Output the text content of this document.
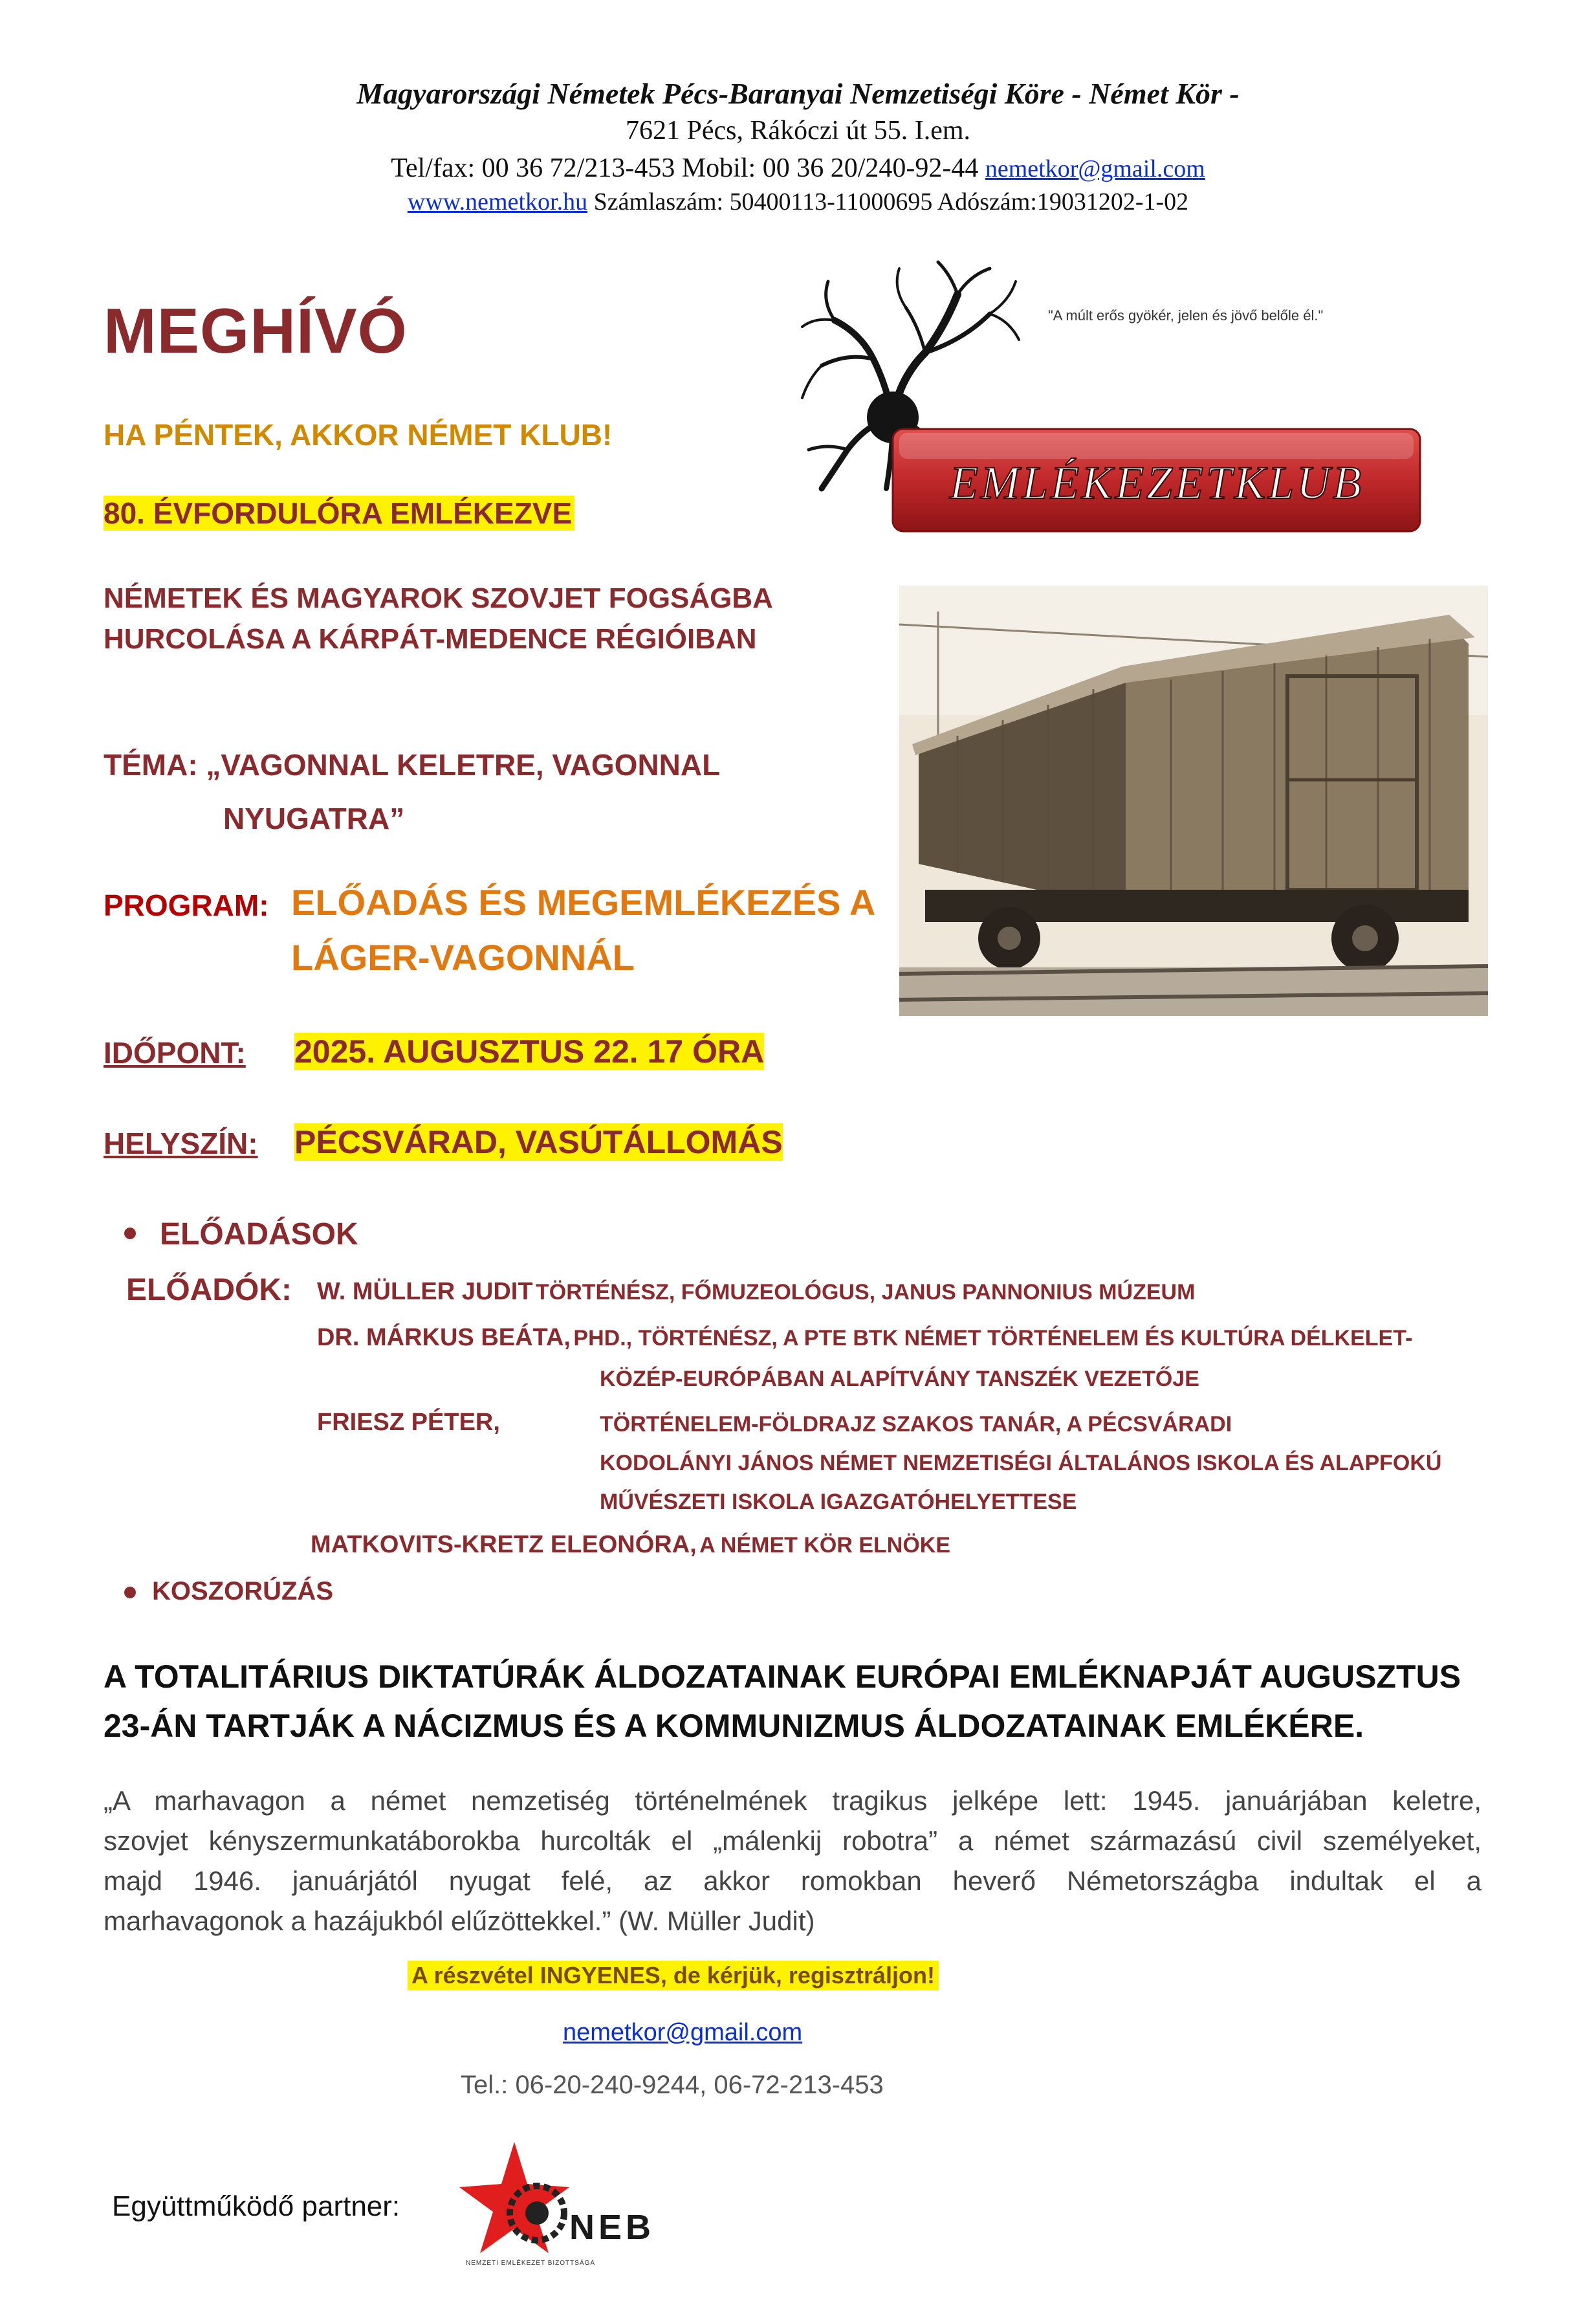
Magyarországi Németek Pécs-Baranyai Nemzetiségi Köre - Német Kör -
7621 Pécs, Rákóczi út 55. I.em.
Tel/fax: 00 36 72/213-453 Mobil: 00 36 20/240-92-44 nemetkor@gmail.com
www.nemetkor.hu Számlaszám: 50400113-11000695 Adószám:19031202-1-02
"A múlt erős gyökér, jelen és jövő belőle él."
EMLÉKEZETKLUB
MEGHÍVÓ
HA PÉNTEK, AKKOR NÉMET KLUB!
80. ÉVFORDULÓRA EMLÉKEZVE
NÉMETEK ÉS MAGYAROK SZOVJET FOGSÁGBA
HURCOLÁSA A KÁRPÁT-MEDENCE RÉGIÓIBAN
TÉMA: „VAGONNAL KELETRE, VAGONNAL
NYUGATRA”
PROGRAM: ELŐADÁS ÉS MEGEMLÉKEZÉS A
LÁGER-VAGONNÁL
IDŐPONT: 2025. AUGUSZTUS 22. 17 ÓRA
HELYSZÍN: PÉCSVÁRAD, VASÚTÁLLOMÁS
ELŐADÁSOK
ELŐADÓK: W. MÜLLER JUDIT TÖRTÉNÉSZ, FŐMUZEOLÓGUS, JANUS PANNONIUS MÚZEUM
DR. MÁRKUS BEÁTA, PHD., TÖRTÉNÉSZ, A PTE BTK NÉMET TÖRTÉNELEM ÉS KULTÚRA DÉLKELET-
KÖZÉP-EURÓPÁBAN ALAPÍTVÁNY TANSZÉK VEZETŐJE
FRIESZ PÉTER,	TÖRTÉNELEM-FÖLDRAJZ SZAKOS TANÁR, A PÉCSVÁRADI
KODOLÁNYI JÁNOS NÉMET NEMZETISÉGI ÁLTALÁNOS ISKOLA ÉS ALAPFOKÚ
MŰVÉSZETI ISKOLA IGAZGATÓHELYETTESE
MATKOVITS-KRETZ ELEONÓRA, A NÉMET KÖR ELNÖKE
KOSZORÚZÁS
A TOTALITÁRIUS DIKTATÚRÁK ÁLDOZATAINAK EURÓPAI EMLÉKNAPJÁT AUGUSZTUS
23-ÁN TARTJÁK A NÁCIZMUS ÉS A KOMMUNIZMUS ÁLDOZATAINAK EMLÉKÉRE.
„A marhavagon a német nemzetiség történelmének tragikus jelképe lett: 1945. januárjában keletre,
szovjet kényszermunkatáborokba hurcolták el „málenkij robotra” a német származású civil személyeket,
majd 1946. januárjától nyugat felé, az akkor romokban heverő Németországba indultak el a
marhavagonok a hazájukból elűzöttekkel.” (W. Müller Judit)
A részvétel INGYENES, de kérjük, regisztráljon!
nemetkor@gmail.com
Tel.: 06-20-240-9244, 06-72-213-453
Együttműködő partner:
NEB
NEMZETI EMLÉKEZET BIZOTTSÁGA
